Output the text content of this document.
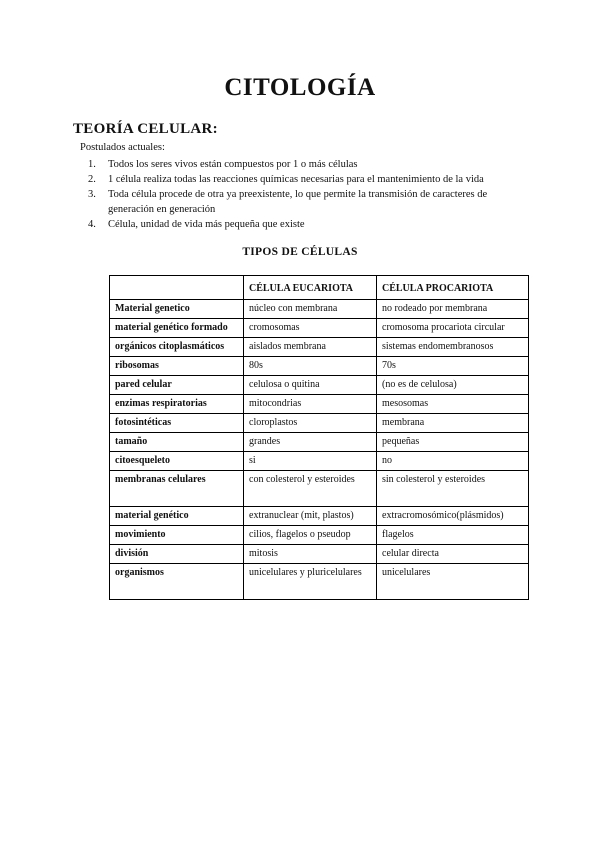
CITOLOGÍA
TEORÍA CELULAR:
Postulados actuales:
1. Todos los seres vivos están compuestos por 1 o más células
2. 1 célula realiza todas las reacciones químicas necesarias para el mantenimiento de la vida
3. Toda célula procede de otra ya preexistente, lo que permite la transmisión de caracteres de generación en generación
4. Célula, unidad de vida más pequeña que existe
TIPOS DE CÉLULAS
	CÉLULA EUCARIOTA	CÉLULA PROCARIOTA
Material genetico	núcleo con membrana	no rodeado por membrana
material genético formado	cromosomas	cromosoma procariota circular
orgánicos citoplasmáticos	aislados membrana	sistemas endomembranosos
ribosomas	80s	70s
pared celular	celulosa o quitina	(no es de celulosa)
enzimas respiratorias	mitocondrias	mesosomas
fotosintéticas	cloroplastos	membrana
tamaño	grandes	pequeñas
citoesqueleto	si	no
membranas celulares	con colesterol y esteroides	sin colesterol y esteroides
material genético	extranuclear (mit, plastos)	extracromosómico(plásmidos)
movimiento	cilios, flagelos o pseudop	flagelos
división	mitosis	celular directa
organismos	unicelulares y pluricelulares	unicelulares
